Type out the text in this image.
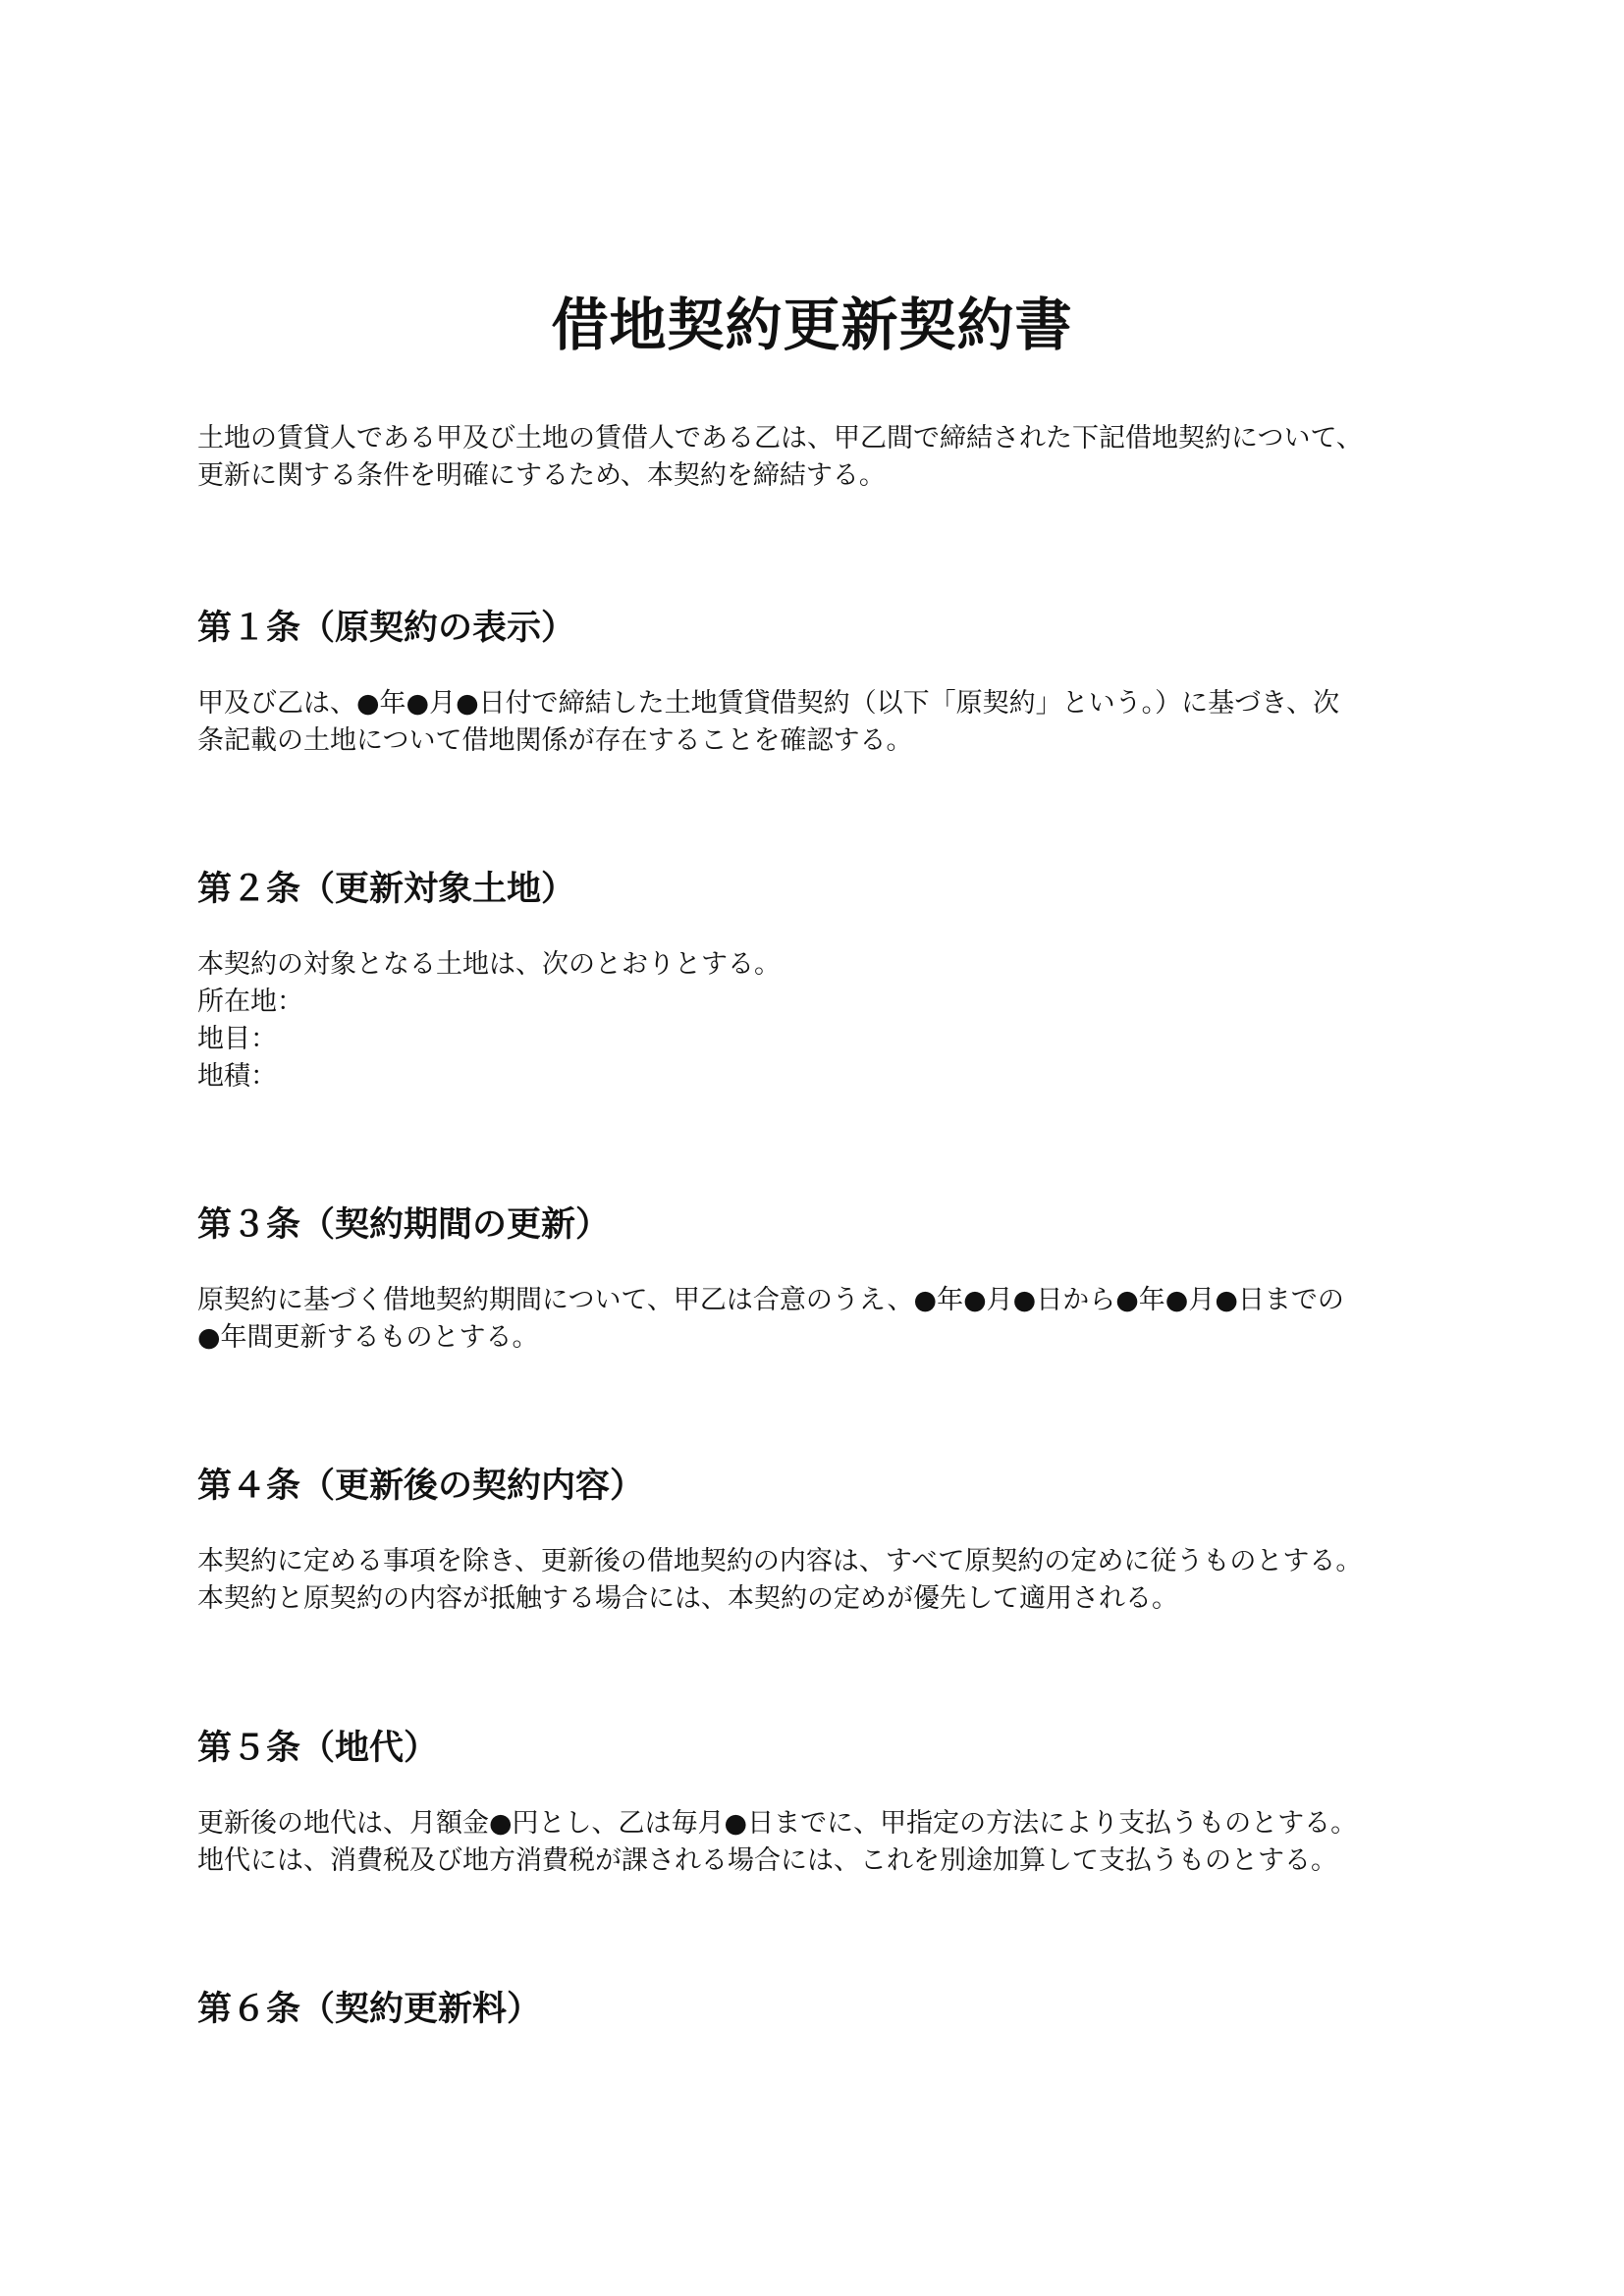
借地契約更新契約書

土地の賃貸人である甲及び土地の賃借人である乙は、甲乙間で締結された下記借地契約について、
更新に関する条件を明確にするため、本契約を締結する。

第１条（原契約の表示）

甲及び乙は、●年●月●日付で締結した土地賃貸借契約（以下「原契約」という。）に基づき、次
条記載の土地について借地関係が存在することを確認する。

第２条（更新対象土地）

本契約の対象となる土地は、次のとおりとする。
所在地：
地目：
地積：

第３条（契約期間の更新）

原契約に基づく借地契約期間について、甲乙は合意のうえ、●年●月●日から●年●月●日までの
●年間更新するものとする。

第４条（更新後の契約内容）

本契約に定める事項を除き、更新後の借地契約の内容は、すべて原契約の定めに従うものとする。
本契約と原契約の内容が抵触する場合には、本契約の定めが優先して適用される。

第５条（地代）

更新後の地代は、月額金●円とし、乙は毎月●日までに、甲指定の方法により支払うものとする。
地代には、消費税及び地方消費税が課される場合には、これを別途加算して支払うものとする。

第６条（契約更新料）
